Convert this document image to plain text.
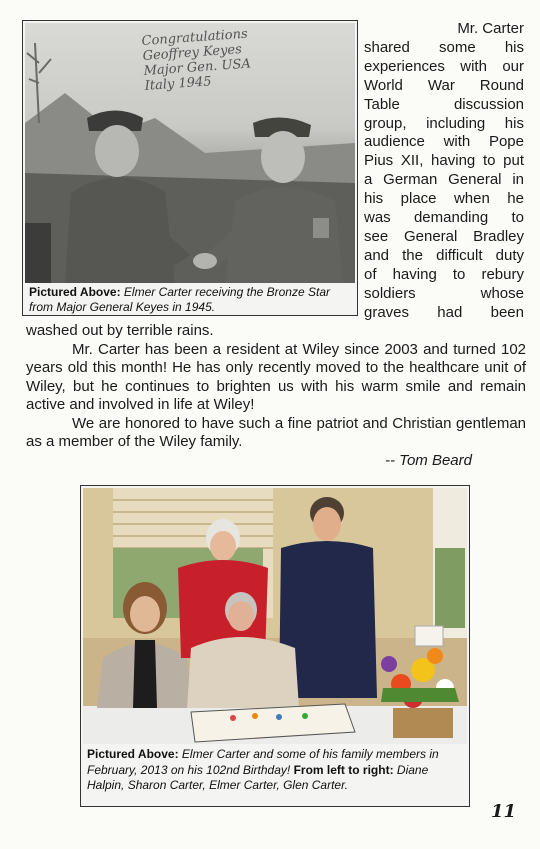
Congratulations
Geoffrey Keyes
Major Gen. USA
Italy 1945
Pictured Above: Elmer Carter receiving the Bronze Star from Major General Keyes in 1945.
Mr. Carter
shared some his
experiences with our
World War Round
Table discussion
group, including his
audience with Pope
Pius XII, having to put
a German General in
his place when he
was demanding to
see General Bradley
and the difficult duty
of having to rebury
soldiers whose
graves had been

washed out by terrible rains.

Mr. Carter has been a resident at Wiley since 2003 and turned 102 years old this month! He has only recently moved to the healthcare unit of Wiley, but he continues to brighten us with his warm smile and remain active and involved in life at Wiley!

We are honored to have such a fine patriot and Christian gentleman as a member of the Wiley family.

-- Tom Beard
Pictured Above: Elmer Carter and some of his family members in February, 2013 on his 102nd Birthday! From left to right: Diane Halpin, Sharon Carter, Elmer Carter, Glen Carter.
11
